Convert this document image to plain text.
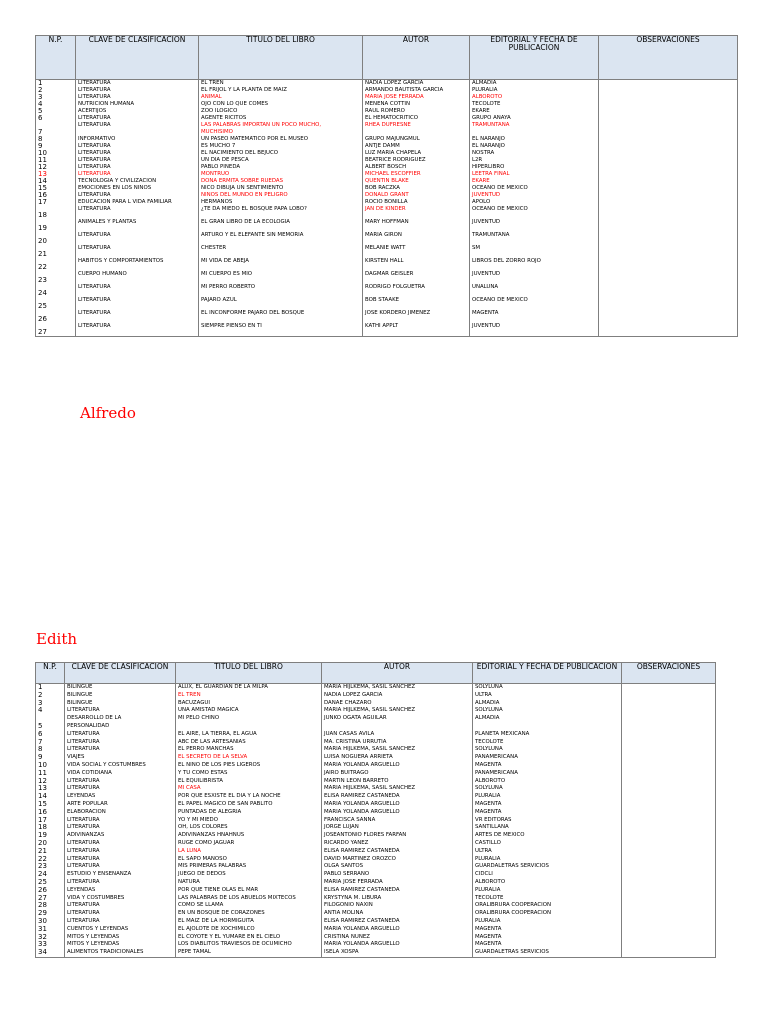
N.P.	CLAVE DE CLASIFICACION	TITULO DEL LIBRO	AUTOR	EDITORIAL Y FECHA DE PUBLICACION	OBSERVACIONES
1	LITERATURA	EL TREN	NADIA LOPEZ GARCIA	ALMADIA	
2	LITERATURA	EL FRIJOL Y LA PLANTA DE MAIZ	ARMANDO BAUTISTA GARCIA	PLURALIA	
3	LITERATURA	ANIMAL	MARIA JOSE FERRADA	ALBOROTO	
4	NUTRICION HUMANA	OJO CON LO QUE COMES	MENENA COTTIN	TECOLOTE	
5	ACERTIJOS	ZOO ILOGICO	RAUL ROMERO	EKARE	
6	LITERATURA	AGENTE RICITOS	EL HEMATOCRITICO	GRUPO ANAYA	
7	LITERATURA	LAS PALABRAS IMPORTAN UN POCO MUCHO,
MUCHISIMO	RHEA DUFRESNE	TRAMUNTANA	
8	INFORMATIVO	UN PASEO MATEMATICO POR EL MUSEO	GRUPO MAJUNGMUL	EL NARANJO	
9	LITERATURA	ES MUCHO 7	ANTJE DAMM	EL NARANJO	
10	LITERATURA	EL NACIMIENTO DEL BEJUCO	LUZ MARIA CHAPELA	NOSTRA	
11	LITERATURA	UN DIA DE PESCA	BEATRICE RODRIGUEZ	L2R	
12	LITERATURA	PABLO PINEDA	ALBERT BOSCH	HIPERLIBRO	
13	LITERATURA	MONTRUO	MICHAEL ESCOFFIER	LEETRA FINAL	
14	TECNOLOGIA Y CIVILIZACION	DOÑA ERMITA SOBRE RUEDAS	QUENTIN BLAKE	EKARE	
15	EMOCIONES EN LOS NIÑOS	NICO DIBUJA UN SENTIMIENTO	BOB RACZKA	OCEANO DE MEXICO	
16	LITERATURA	NIÑOS DEL MUNDO EN PELIGRO	DONALD GRANT	JUVENTUD	
17	EDUCACION PARA L VIDA FAMILIAR	HERMANOS	ROCIO BONILLA	APOLO	
18	LITERATURA	¿TE DA MIEDO EL BOSQUE PAPA LOBO?	JAN DE KINDER	OCEANO DE MEXICO	
19	ANIMALES Y PLANTAS	EL GRAN LIBRO DE LA ECOLOGIA	MARY HOFFMAN	JUVENTUD	
20	LITERATURA	ARTURO Y EL ELEFANTE SIN MEMORIA	MARIA GIRON	TRAMUNTANA	
21	LITERATURA	CHESTER	MELANIE WATT	SM	
22	HABITOS Y COMPORTAMIENTOS	MI VIDA DE ABEJA	KIRSTEN HALL	LIBROS DEL ZORRO ROJO	
23	CUERPO HUMANO	MI CUERPO ES MIO	DAGMAR GEISLER	JUVENTUD	
24	LITERATURA	MI PERRO ROBERTO	RODRIGO FOLGUETRA	UNALUNA	
25	LITERATURA	PAJARO AZUL	BOB STAAKE	OCEANO DE MEXICO	
26	LITERATURA	EL INCONFORME PAJARO DEL BOSQUE	JOSE KORDERO JIMENEZ	MAGENTA	
27	LITERATURA	SIEMPRE PIENSO EN TI	KATHI APPLT	JUVENTUD	
Alfredo
Edith
N.P.	CLAVE DE CLASIFICACION	TITULO DEL LIBRO	AUTOR	EDITORIAL Y FECHA DE PUBLICACION	OBSERVACIONES
1	BILINGÜE	ALUX, EL GUARDIAN DE LA MILPA	MARIA HIJLKEMA, SASIL SANCHEZ	SOLYLUNA	
2	BILINGÜE	EL TREN	NADIA LOPEZ GARCIA	ULTRA	
3	BILINGÜE	BACUZAGUI	DANAE CHAZARO	ALMADIA	
4	LITERATURA	UNA AMISTAD MAGICA	MARIA HIJLKEMA, SASIL SANCHEZ	SOLYLUNA	
5	DESARROLLO DE LA
PERSONALIDAD	MI PELO CHINO	JUNKO OGATA AGUILAR	ALMADIA	
6	LITERATURA	EL AIRE, LA TIERRA, EL AGUA	JUAN CASAS AVILA	PLANETA MEXICANA	
7	LITERATURA	ABC DE LAS ARTESANIAS	MA. CRISTINA URRUTIA	TECOLOTE	
8	LITERATURA	EL PERRO MANCHAS	MARIA HIJLKEMA, SASIL SANCHEZ	SOLYLUNA	
9	VIAJES	EL SECRETO DE LA SELVA	LUISA NOGUERA ARRIETA	PANAMERICANA	
10	VIDA SOCIAL Y COSTUMBRES	EL NIÑO DE LOS PIES LIGEROS	MARIA YOLANDA ARGUELLO	MAGENTA	
11	VIDA COTIDIANA	Y TU COMO ESTAS	JAIRO BUITRAGO	PANAMERICANA	
12	LITERATURA	EL EQUILIBRISTA	MARTIN LEON BARRETO	ALBOROTO	
13	LITERATURA	MI CASA	MARIA HIJLKEMA, SASIL SANCHEZ	SOLYLUNA	
14	LEYENDAS	POR QUE ESXISTE EL DIA Y LA NOCHE	ELISA RAMIREZ CASTAÑEDA	PLURALIA	
15	ARTE POPULAR	EL PAPEL MAGICO DE SAN PABLITO	MARIA YOLANDA ARGUELLO	MAGENTA	
16	ELABORACION	PUNTADAS DE ALEGRIA	MARIA YOLANDA ARGUELLO	MAGENTA	
17	LITERATURA	YO Y MI MIEDO	FRANCISCA SANNA	VR EDITORAS	
18	LITERATURA	OH, LOS COLORES	JORGE LUJAN	SANTILLANA	
19	ADIVINANZAS	ADIVINANZAS HÑAHÑUS	JOSEANTONIO FLORES FARFAN	ARTES DE MEXICO	
20	LITERATURA	RUGE COMO JAGUAR	RICARDO YAÑEZ	CASTILLO	
21	LITERATURA	LA LUNA	ELISA RAMIREZ CASTAÑEDA	ULTRA	
22	LITERATURA	EL SAPO MAÑOSO	DAVID MARTINEZ OROZCO	PLURALIA	
23	LITERATURA	MIS PRIMERAS PALABRAS	OLGA SANTOS	GUARDALETRAS SERVICIOS	
24	ESTUDIO Y ENSEÑANZA	JUEGO DE DEDOS	PABLO SERRANO	CIDCLI	
25	LITERATURA	NATURA	MARIA JOSE FERRADA	ALBOROTO	
26	LEYENDAS	POR QUE TIENE OLAS EL MAR	ELISA RAMIREZ CASTAÑEDA	PLURALIA	
27	VIDA Y COSTUMBRES	LAS PALABRAS DE LOS ABUELOS MIXTECOS	KRYSTYNA M. LIBURA	TECOLOTE	
28	LITERATURA	COMO SE LLAMA	FILOGONIO NAXIN	ORALIBRURA COOPERACION	
29	LITERATURA	EN UN BOSQUE DE CORAZONES	ANTIA MOLINA	ORALIBRURA COOPERACION	
30	LITERATURA	EL MAIZ DE LA HORMIGUITA	ELISA RAMIREZ CASTAÑEDA	PLURALIA	
31	CUENTOS Y LEYENDAS	EL AJOLOTE DE XOCHIMILCO	MARIA YOLANDA ARGUELLO	MAGENTA	
32	MITOS Y LEYENDAS	EL COYOTE Y EL YUMARE EN EL CIELO	CRISTINA NUÑEZ	MAGENTA	
33	MITOS Y LEYENDAS	LOS DIABLITOS TRAVIESOS DE OCUMICHO	MARIA YOLANDA ARGUELLO	MAGENTA	
34	ALIMENTOS TRADICIONALES	PEPE TAMAL	ISELA XOSPA	GUARDALETRAS SERVICIOS	
